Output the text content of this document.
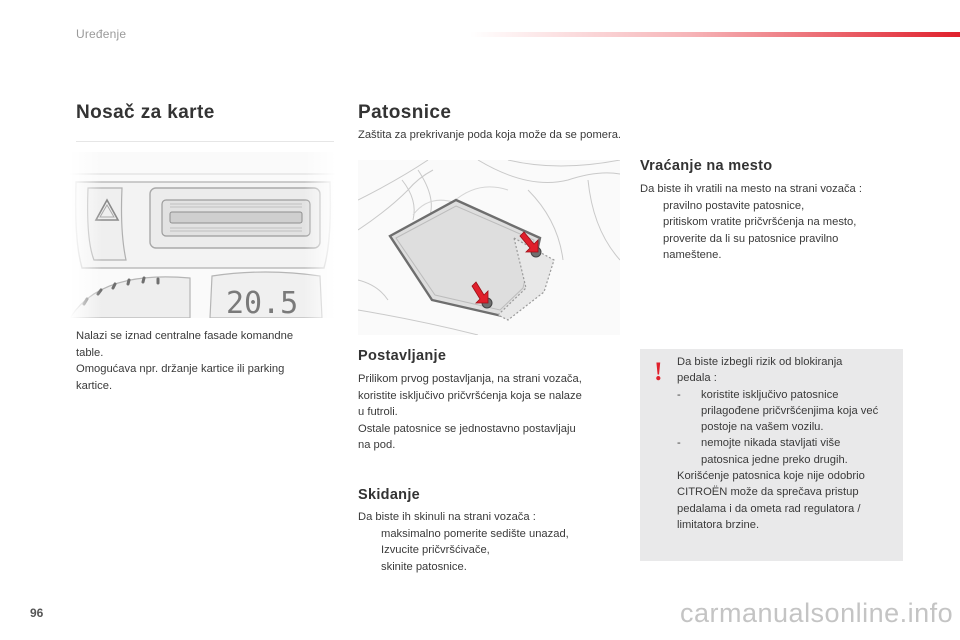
Uređenje
Nosač za karte
Nalazi se iznad centralne fasade komandne
table.
Omogućava npr. držanje kartice ili parking
kartice.
Patosnice
Zaštita za prekrivanje poda koja može da se pomera.
Postavljanje
Prilikom prvog postavljanja, na strani vozača,
koristite isključivo pričvršćenja koja se nalaze
u futroli.
Ostale patosnice se jednostavno postavljaju
na pod.
Skidanje
Da biste ih skinuli na strani vozača :
maksimalno pomerite sedište unazad,
Izvucite pričvršćivače,
skinite patosnice.
Vraćanje na mesto
Da biste ih vratili na mesto na strani vozača :
pravilno postavite patosnice,
pritiskom vratite pričvršćenja na mesto,
proverite da li su patosnice pravilno
nameštene.
! Da biste izbegli rizik od blokiranja
pedala :
- koristite isključivo patosnice
prilagođene pričvršćenjima koja već
postoje na vašem vozilu.
- nemojte nikada stavljati više
patosnica jedne preko drugih.
Korišćenje patosnica koje nije odobrio
CITROËN može da sprečava pristup
pedalama i da ometa rad regulatora /
limitatora brzine.
96	carmanualsonline.info
